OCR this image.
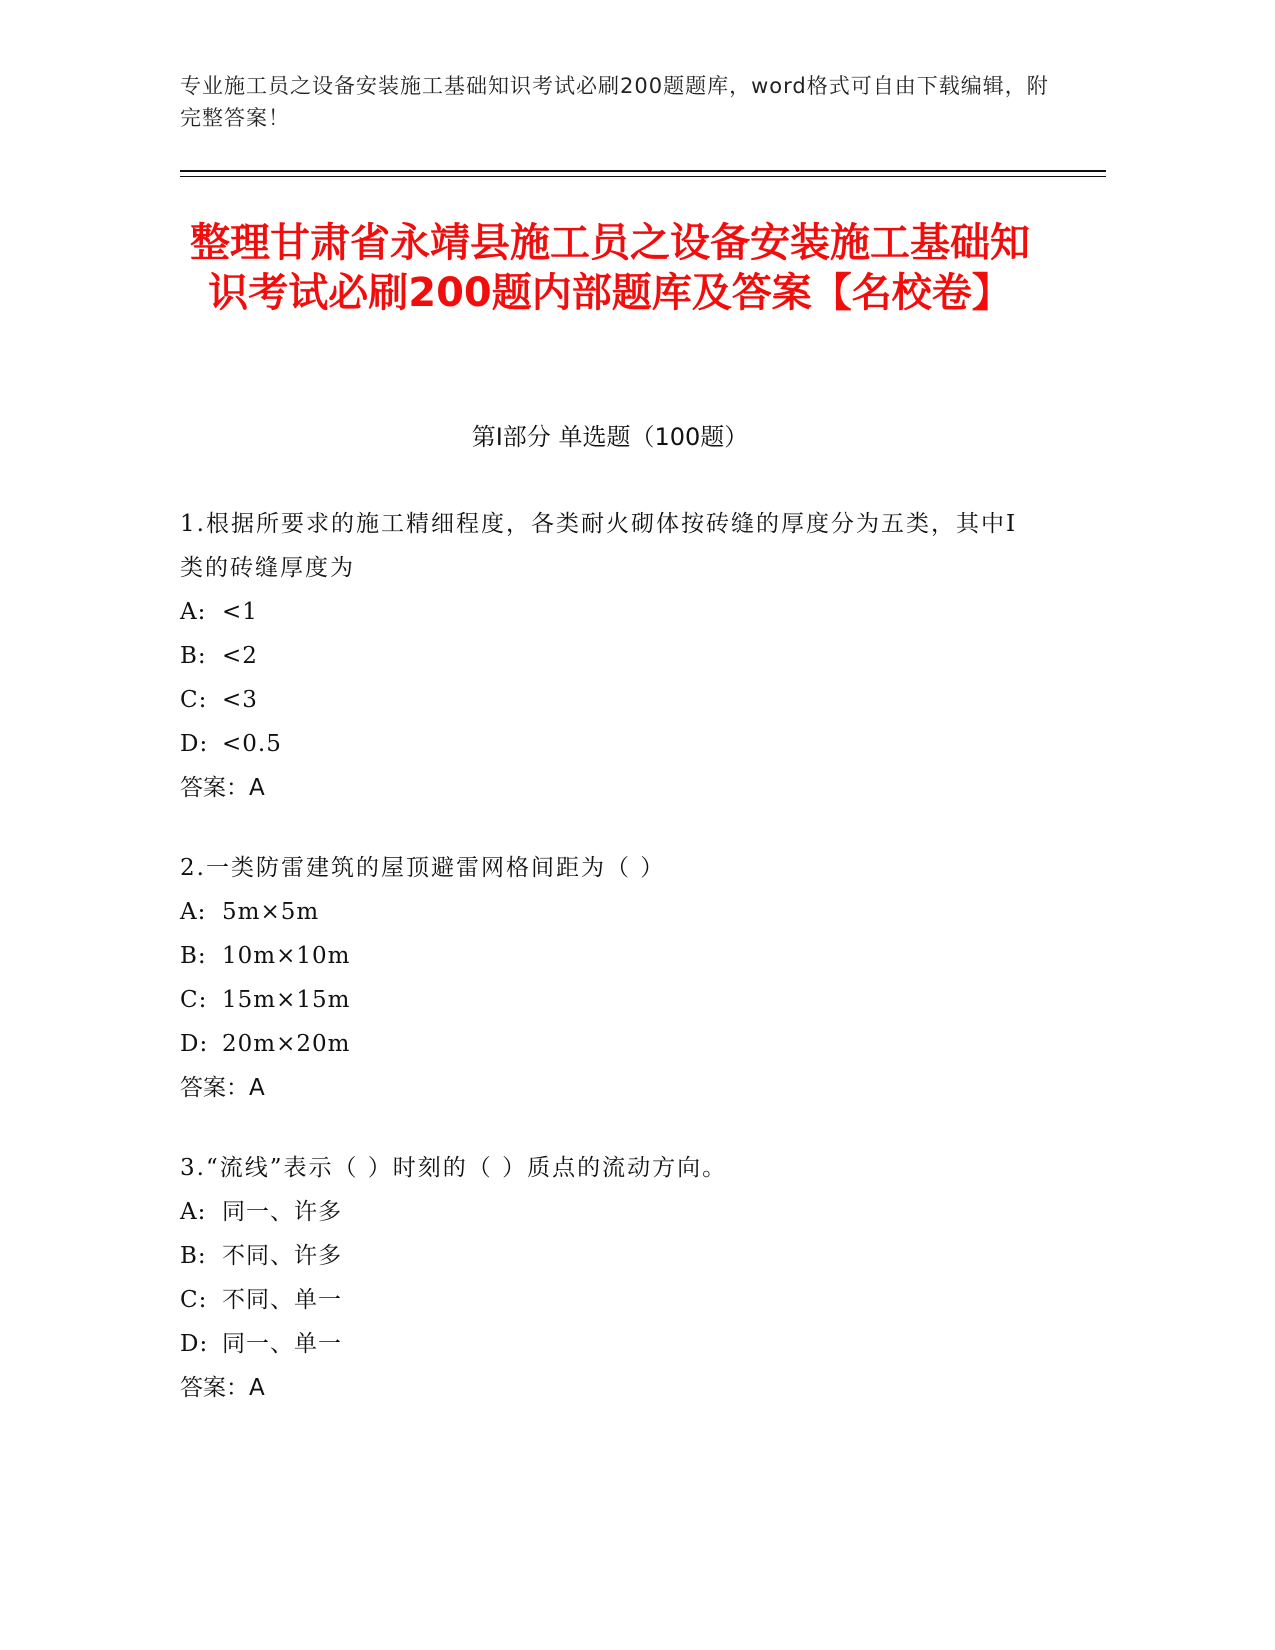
专业施工员之设备安装施工基础知识考试必刷200题题库，word格式可自由下载编辑，附完整答案！
整理甘肃省永靖县施工员之设备安装施工基础知识考试必刷200题内部题库及答案【名校卷】
第Ⅰ部分 单选题（100题）
1.根据所要求的施工精细程度，各类耐火砌体按砖缝的厚度分为五类，其中Ⅰ类的砖缝厚度为
A: <1
B: <2
C: <3
D: <0.5
答案：A
2.一类防雷建筑的屋顶避雷网格间距为（ ）
A: 5m×5m
B: 10m×10m
C: 15m×15m
D: 20m×20m
答案：A
3.“流线”表示（ ）时刻的（ ）质点的流动方向。
A: 同一、许多
B: 不同、许多
C: 不同、单一
D: 同一、单一
答案：A
